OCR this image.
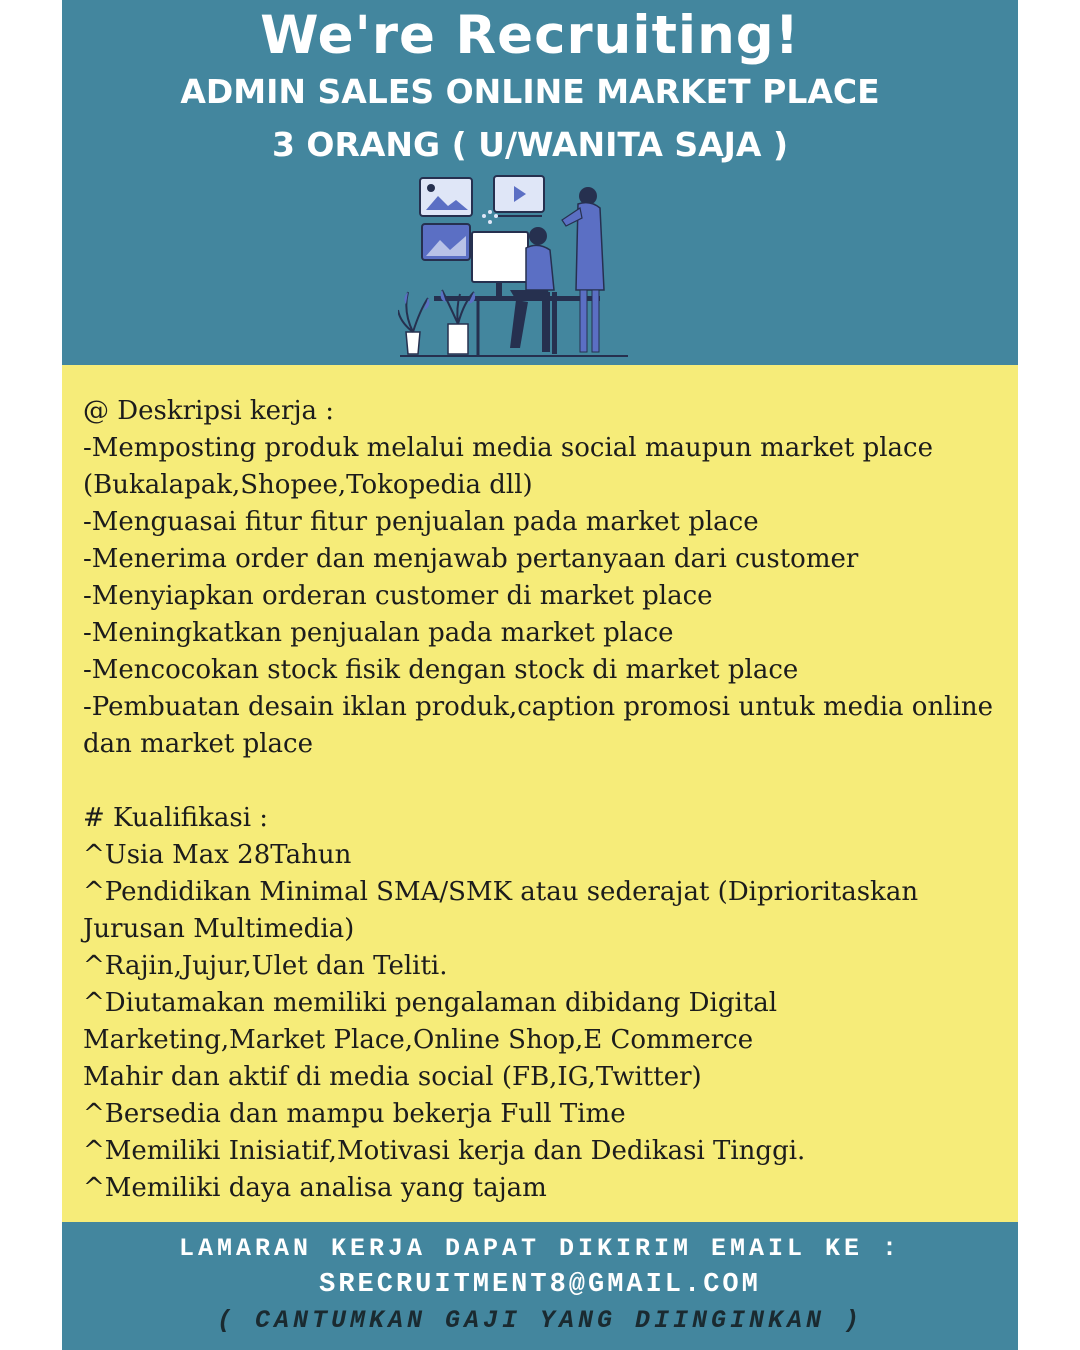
We're Recruiting!
ADMIN SALES ONLINE MARKET PLACE
3 ORANG ( U/WANITA SAJA )
@ Deskripsi kerja :
-Memposting produk melalui media social maupun market place (Bukalapak,Shopee,Tokopedia dll)
-Menguasai fitur fitur penjualan pada market place
-Menerima order dan menjawab pertanyaan dari customer
-Menyiapkan orderan customer di market place
-Meningkatkan penjualan pada market place
-Mencocokan stock fisik dengan stock di market place
-Pembuatan desain iklan produk,caption promosi untuk media online dan market place
# Kualifikasi :
^Usia Max 28Tahun
^Pendidikan Minimal SMA/SMK atau sederajat (Diprioritaskan Jurusan Multimedia)
^Rajin,Jujur,Ulet dan Teliti.
^Diutamakan memiliki pengalaman dibidang Digital Marketing,Market Place,Online Shop,E Commerce
Mahir dan aktif di media social (FB,IG,Twitter)
^Bersedia dan mampu bekerja Full Time
^Memiliki Inisiatif,Motivasi kerja dan Dedikasi Tinggi.
^Memiliki daya analisa yang tajam
LAMARAN KERJA DAPAT DIKIRIM EMAIL KE :
SRECRUITMENT8@GMAIL.COM
( CANTUMKAN GAJI YANG DIINGINKAN )
